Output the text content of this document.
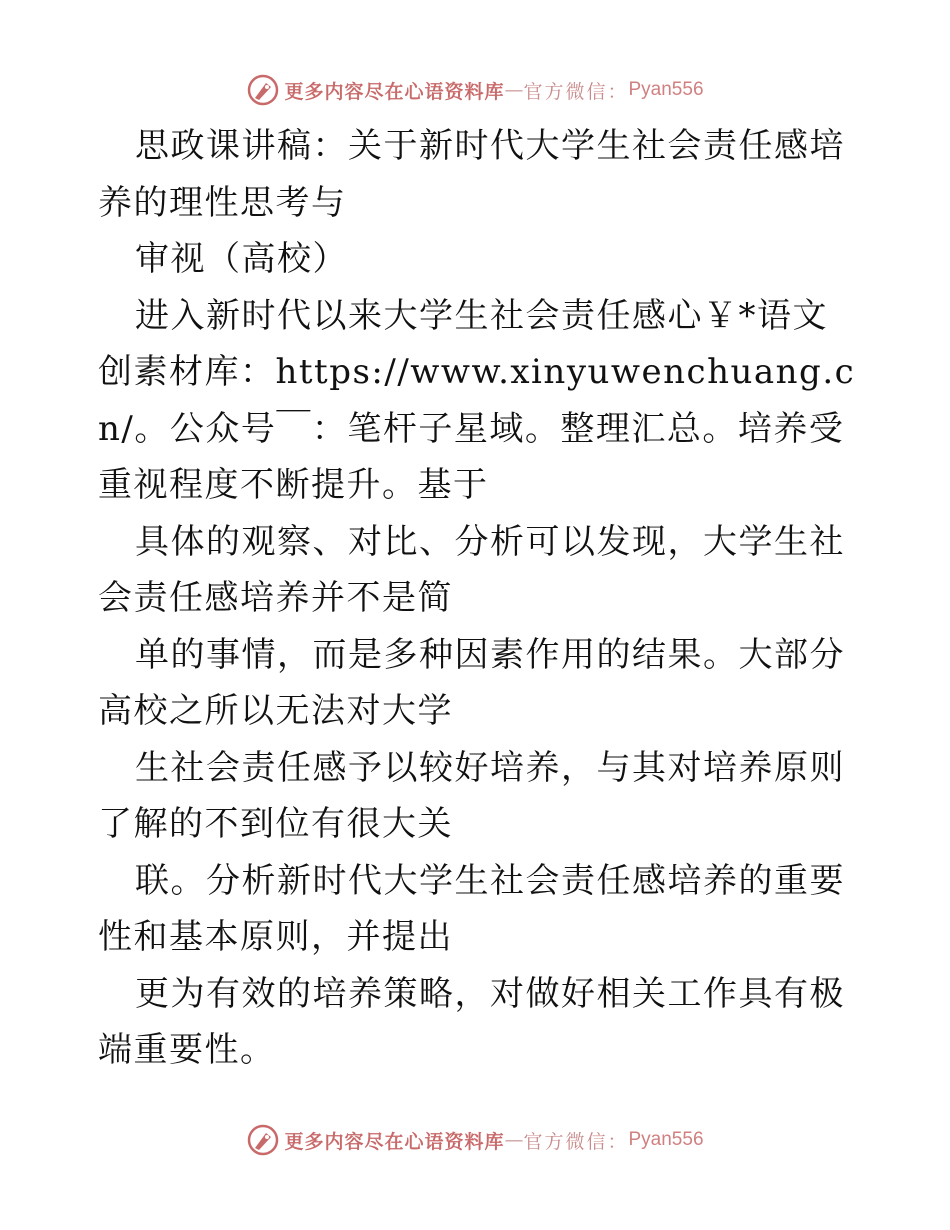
更多内容尽在心语资料库 — 官方微信： Pyan556

思政课讲稿：关于新时代大学生社会责任感培养的理性思考与

审视（高校）

进入新时代以来大学生社会责任感心￥*语文创素材库：https://www.xinyuwenchuang.cn/。公众号￣：笔杆子星域。整理汇总。培养受重视程度不断提升。基于

具体的观察、对比、分析可以发现，大学生社会责任感培养并不是简

单的事情，而是多种因素作用的结果。大部分高校之所以无法对大学

生社会责任感予以较好培养，与其对培养原则了解的不到位有很大关

联。分析新时代大学生社会责任感培养的重要性和基本原则，并提出

更为有效的培养策略，对做好相关工作具有极端重要性。

更多内容尽在心语资料库 — 官方微信： Pyan556
